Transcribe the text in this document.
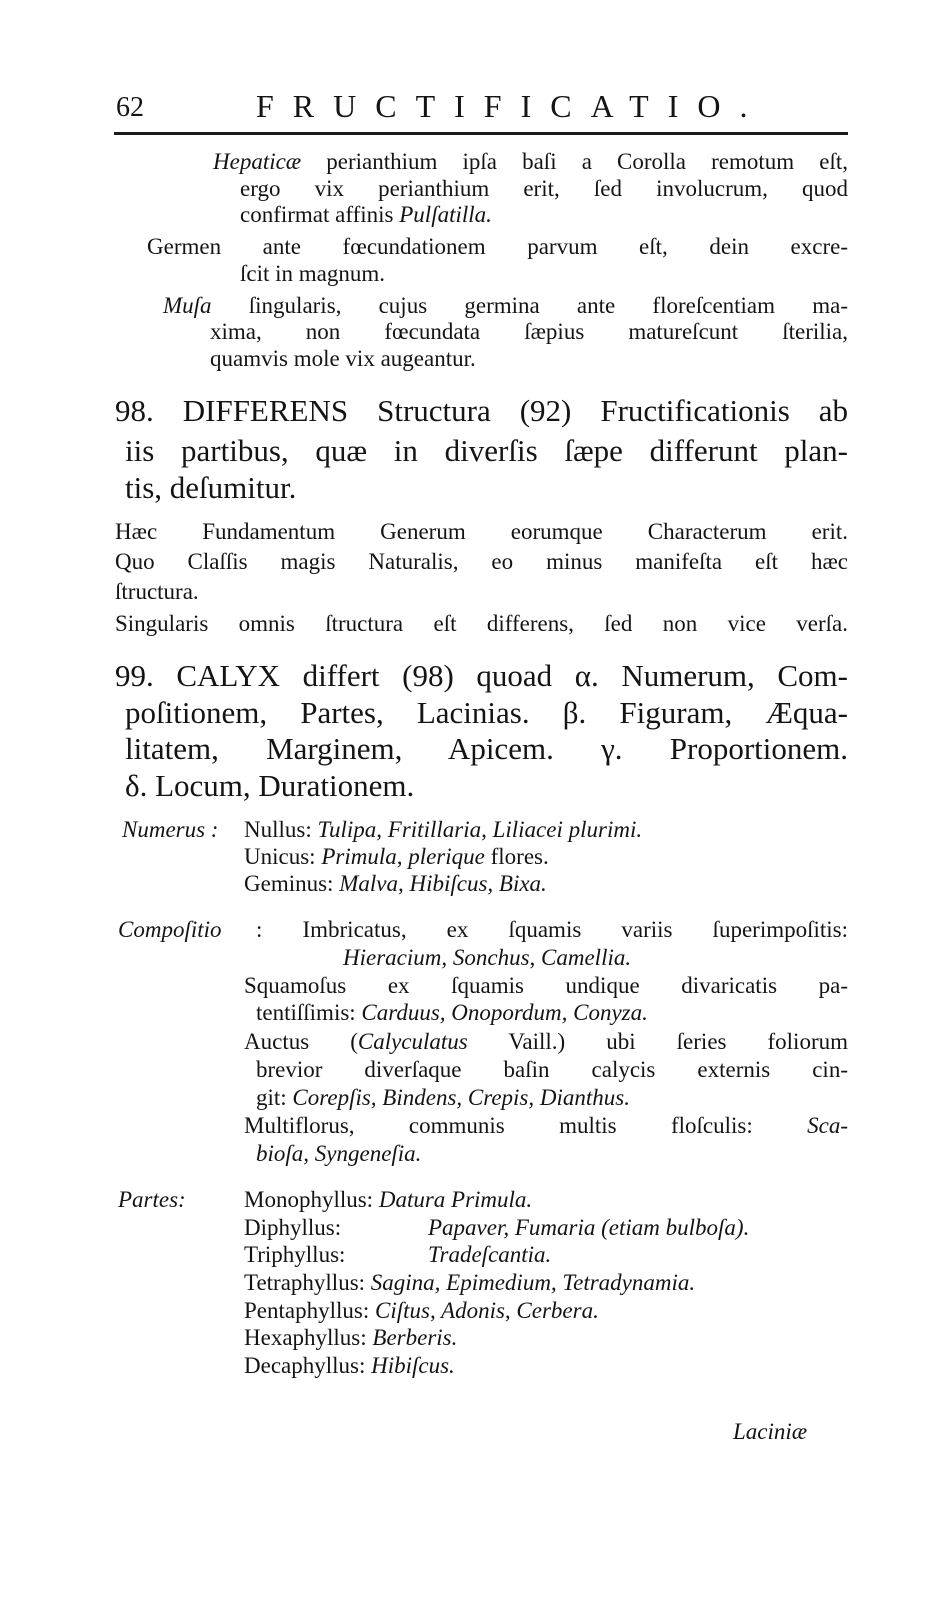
62	FRUCTIFICATIO.
Hepaticæ perianthium ipſa baſi a Corolla remotum eſt,
ergo vix perianthium erit, ſed involucrum, quod
confirmat affinis Pulſatilla.
Germen ante fœcundationem parvum eſt, dein excre-
ſcit in magnum.
Muſa ſingularis, cujus germina ante floreſcentiam ma-
xima, non fœcundata ſæpius matureſcunt ſterilia,
quamvis mole vix augeantur.
98. DIFFERENS Structura (92) Fructificationis ab
iis partibus, quæ in diverſis ſæpe differunt plan-
tis, deſumitur.
Hæc Fundamentum Generum eorumque Characterum erit.
Quo Claſſis magis Naturalis, eo minus manifeſta eſt hæc
ſtructura.
Singularis omnis ſtructura eſt differens, ſed non vice verſa.
99. CALYX differt (98) quoad α. Numerum, Com-
poſitionem, Partes, Lacinias. β. Figuram, Æqua-
litatem, Marginem, Apicem. γ. Proportionem.
δ. Locum, Durationem.
Numerus : Nullus: Tulipa, Fritillaria, Liliacei plurimi.
Unicus: Primula, plerique flores.
Geminus: Malva, Hibiſcus, Bixa.
Compoſitio : Imbricatus, ex ſquamis variis ſuperimpoſitis:
Hieracium, Sonchus, Camellia.
Squamoſus ex ſquamis undique divaricatis pa-
tentiſſimis: Carduus, Onopordum, Conyza.
Auctus (Calyculatus Vaill.) ubi ſeries foliorum
brevior diverſaque baſin calycis externis cin-
git: Corepſis, Bindens, Crepis, Dianthus.
Multiflorus, communis multis floſculis: Sca-
bioſa, Syngeneſia.
Partes:	Monophyllus: Datura Primula.
Diphyllus:	Papaver, Fumaria (etiam bulboſa).
Triphyllus:	Tradeſcantia.
Tetraphyllus: Sagina, Epimedium, Tetradynamia.
Pentaphyllus: Ciſtus, Adonis, Cerbera.
Hexaphyllus: Berberis.
Decaphyllus: Hibiſcus.
Laciniæ
